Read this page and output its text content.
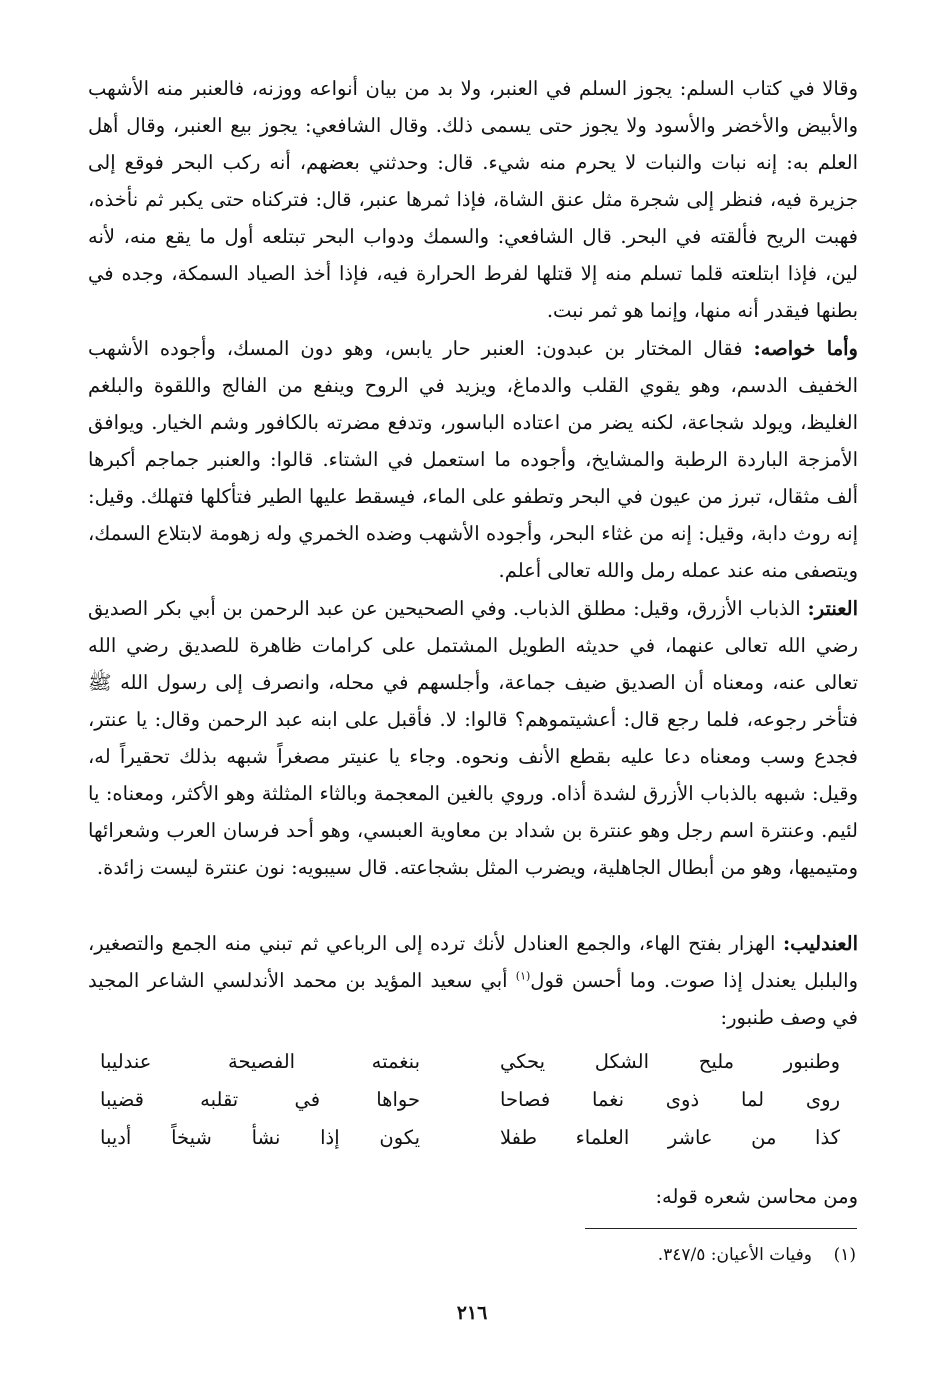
وقالا في كتاب السلم: يجوز السلم في العنبر، ولا بد من بيان أنواعه ووزنه، فالعنبر منه الأشهب والأبيض والأخضر والأسود ولا يجوز حتى يسمى ذلك. وقال الشافعي: يجوز بيع العنبر، وقال أهل العلم به: إنه نبات والنبات لا يحرم منه شيء. قال: وحدثني بعضهم، أنه ركب البحر فوقع إلى جزيرة فيه، فنظر إلى شجرة مثل عنق الشاة، فإذا ثمرها عنبر، قال: فتركناه حتى يكبر ثم نأخذه، فهبت الريح فألقته في البحر. قال الشافعي: والسمك ودواب البحر تبتلعه أول ما يقع منه، لأنه لين، فإذا ابتلعته قلما تسلم منه إلا قتلها لفرط الحرارة فيه، فإذا أخذ الصياد السمكة، وجده في بطنها فيقدر أنه منها، وإنما هو ثمر نبت.

وأما خواصه: فقال المختار بن عبدون: العنبر حار يابس، وهو دون المسك، وأجوده الأشهب الخفيف الدسم، وهو يقوي القلب والدماغ، ويزيد في الروح وينفع من الفالج واللقوة والبلغم الغليظ، ويولد شجاعة، لكنه يضر من اعتاده الباسور، وتدفع مضرته بالكافور وشم الخيار. ويوافق الأمزجة الباردة الرطبة والمشايخ، وأجوده ما استعمل في الشتاء. قالوا: والعنبر جماجم أكبرها ألف مثقال، تبرز من عيون في البحر وتطفو على الماء، فيسقط عليها الطير فتأكلها فتهلك. وقيل: إنه روث دابة، وقيل: إنه من غثاء البحر، وأجوده الأشهب وضده الخمري وله زهومة لابتلاع السمك، ويتصفى منه عند عمله رمل والله تعالى أعلم.

العنتر: الذباب الأزرق، وقيل: مطلق الذباب. وفي الصحيحين عن عبد الرحمن بن أبي بكر الصديق رضي الله تعالى عنهما، في حديثه الطويل المشتمل على كرامات ظاهرة للصديق رضي الله تعالى عنه، ومعناه أن الصديق ضيف جماعة، وأجلسهم في محله، وانصرف إلى رسول الله ﷺ فتأخر رجوعه، فلما رجع قال: أعشيتموهم؟ قالوا: لا. فأقبل على ابنه عبد الرحمن وقال: يا عنتر، فجدع وسب ومعناه دعا عليه بقطع الأنف ونحوه. وجاء يا عنيتر مصغراً شبهه بذلك تحقيراً له، وقيل: شبهه بالذباب الأزرق لشدة أذاه. وروي بالغين المعجمة وبالثاء المثلثة وهو الأكثر، ومعناه: يا لئيم. وعنترة اسم رجل وهو عنترة بن شداد بن معاوية العبسي، وهو أحد فرسان العرب وشعرائها ومتيميها، وهو من أبطال الجاهلية، ويضرب المثل بشجاعته. قال سيبويه: نون عنترة ليست زائدة.

العندليب: الهزار بفتح الهاء، والجمع العنادل لأنك ترده إلى الرباعي ثم تبني منه الجمع والتصغير، والبلبل يعندل إذا صوت. وما أحسن قول$^{(١)}$ أبي سعيد المؤيد بن محمد الأندلسي الشاعر المجيد في وصف طنبور:

وطنبور مليح الشكل يحكي
بنغمته الفصيحة عندليبا
روى لما ذوى نغما فصاحا
حواها في تقلبه قضيبا
كذا من عاشر العلماء طفلا
يكون إذا نشأ شيخاً أديبا

ومن محاسن شعره قوله:

(١)    وفيات الأعيان: ٣٤٧/٥.
٢١٦
